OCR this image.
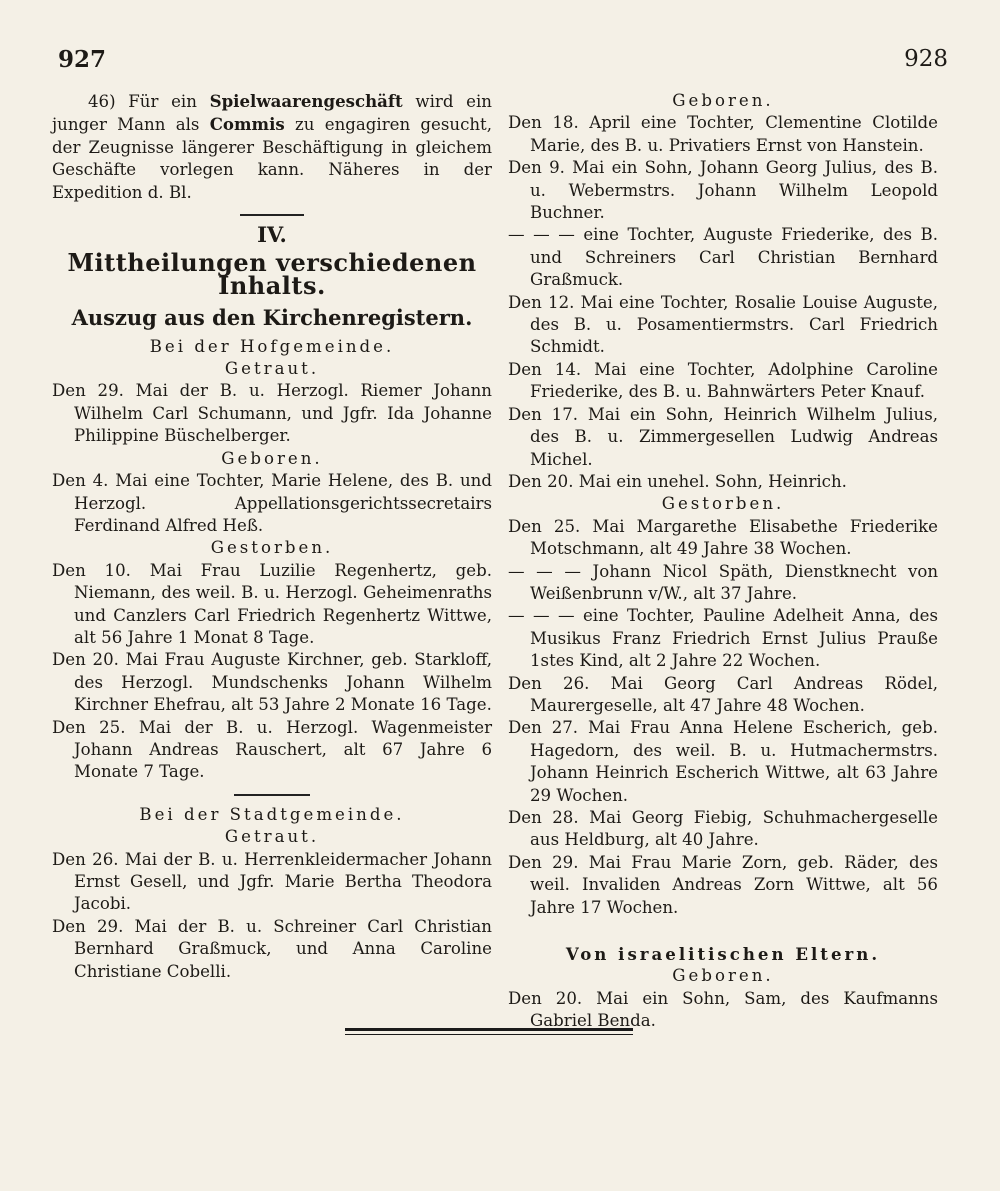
927	928

46) Für ein Spielwaarengeschäft wird ein junger Mann als Commis zu engagiren gesucht, der Zeugnisse längerer Beschäftigung in gleichem Geschäfte vorlegen kann. Näheres in der Expedition d. Bl.

IV.
Mittheilungen verschiedenen Inhalts.
Auszug aus den Kirchenregistern.

Bei der Hofgemeinde.

Getraut.

Den 29. Mai der B. u. Herzogl. Riemer Johann Wilhelm Carl Schumann, und Jgfr. Ida Johanne Philippine Büschelberger.

Geboren.

Den 4. Mai eine Tochter, Marie Helene, des B. und Herzogl. Appellationsgerichtssecretairs Ferdinand Alfred Heß.

Gestorben.

Den 10. Mai Frau Luzilie Regenhertz, geb. Niemann, des weil. B. u. Herzogl. Geheimenraths und Canzlers Carl Friedrich Regenhertz Wittwe, alt 56 Jahre 1 Monat 8 Tage.

Den 20. Mai Frau Auguste Kirchner, geb. Starkloff, des Herzogl. Mundschenks Johann Wilhelm Kirchner Ehefrau, alt 53 Jahre 2 Monate 16 Tage.

Den 25. Mai der B. u. Herzogl. Wagenmeister Johann Andreas Rauschert, alt 67 Jahre 6 Monate 7 Tage.

Bei der Stadtgemeinde.

Getraut.

Den 26. Mai der B. u. Herrenkleidermacher Johann Ernst Gesell, und Jgfr. Marie Bertha Theodora Jacobi.

Den 29. Mai der B. u. Schreiner Carl Christian Bernhard Graßmuck, und Anna Caroline Christiane Cobelli.

Geboren.

Den 18. April eine Tochter, Clementine Clotilde Marie, des B. u. Privatiers Ernst von Hanstein.

Den 9. Mai ein Sohn, Johann Georg Julius, des B. u. Webermstrs. Johann Wilhelm Leopold Buchner.

— — — eine Tochter, Auguste Friederike, des B. und Schreiners Carl Christian Bernhard Graßmuck.

Den 12. Mai eine Tochter, Rosalie Louise Auguste, des B. u. Posamentiermstrs. Carl Friedrich Schmidt.

Den 14. Mai eine Tochter, Adolphine Caroline Friederike, des B. u. Bahnwärters Peter Knauf.

Den 17. Mai ein Sohn, Heinrich Wilhelm Julius, des B. u. Zimmergesellen Ludwig Andreas Michel.

Den 20. Mai ein unehel. Sohn, Heinrich.

Gestorben.

Den 25. Mai Margarethe Elisabethe Friederike Motschmann, alt 49 Jahre 38 Wochen.

— — — Johann Nicol Späth, Dienstknecht von Weißenbrunn v/W., alt 37 Jahre.

— — — eine Tochter, Pauline Adelheit Anna, des Musikus Franz Friedrich Ernst Julius Prauße 1stes Kind, alt 2 Jahre 22 Wochen.

Den 26. Mai Georg Carl Andreas Rödel, Maurergeselle, alt 47 Jahre 48 Wochen.

Den 27. Mai Frau Anna Helene Escherich, geb. Hagedorn, des weil. B. u. Hutmachermstrs. Johann Heinrich Escherich Wittwe, alt 63 Jahre 29 Wochen.

Den 28. Mai Georg Fiebig, Schuhmachergeselle aus Heldburg, alt 40 Jahre.

Den 29. Mai Frau Marie Zorn, geb. Räder, des weil. Invaliden Andreas Zorn Wittwe, alt 56 Jahre 17 Wochen.

Von israelitischen Eltern.

Geboren.

Den 20. Mai ein Sohn, Sam, des Kaufmanns Gabriel Benda.
